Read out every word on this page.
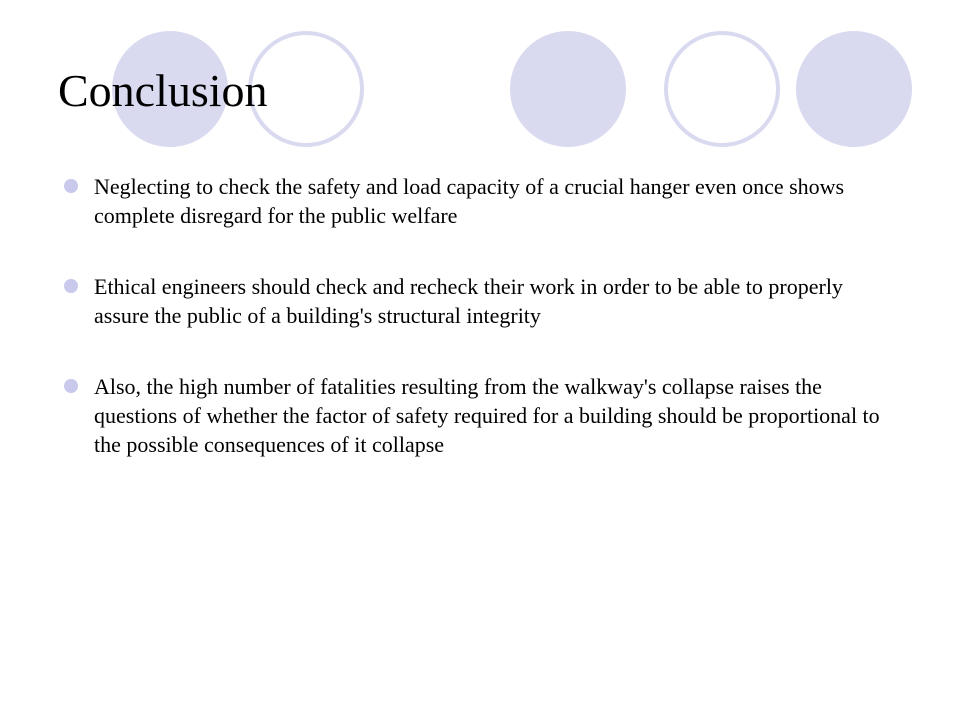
Conclusion
Neglecting to check the safety and load capacity of a crucial hanger even once shows complete disregard for the public welfare
Ethical engineers should check and recheck their work in order to be able to properly assure the public of a building's structural integrity
Also, the high number of fatalities resulting from the walkway's collapse raises the questions of whether the factor of safety required for a building should be proportional to the possible consequences of it collapse
